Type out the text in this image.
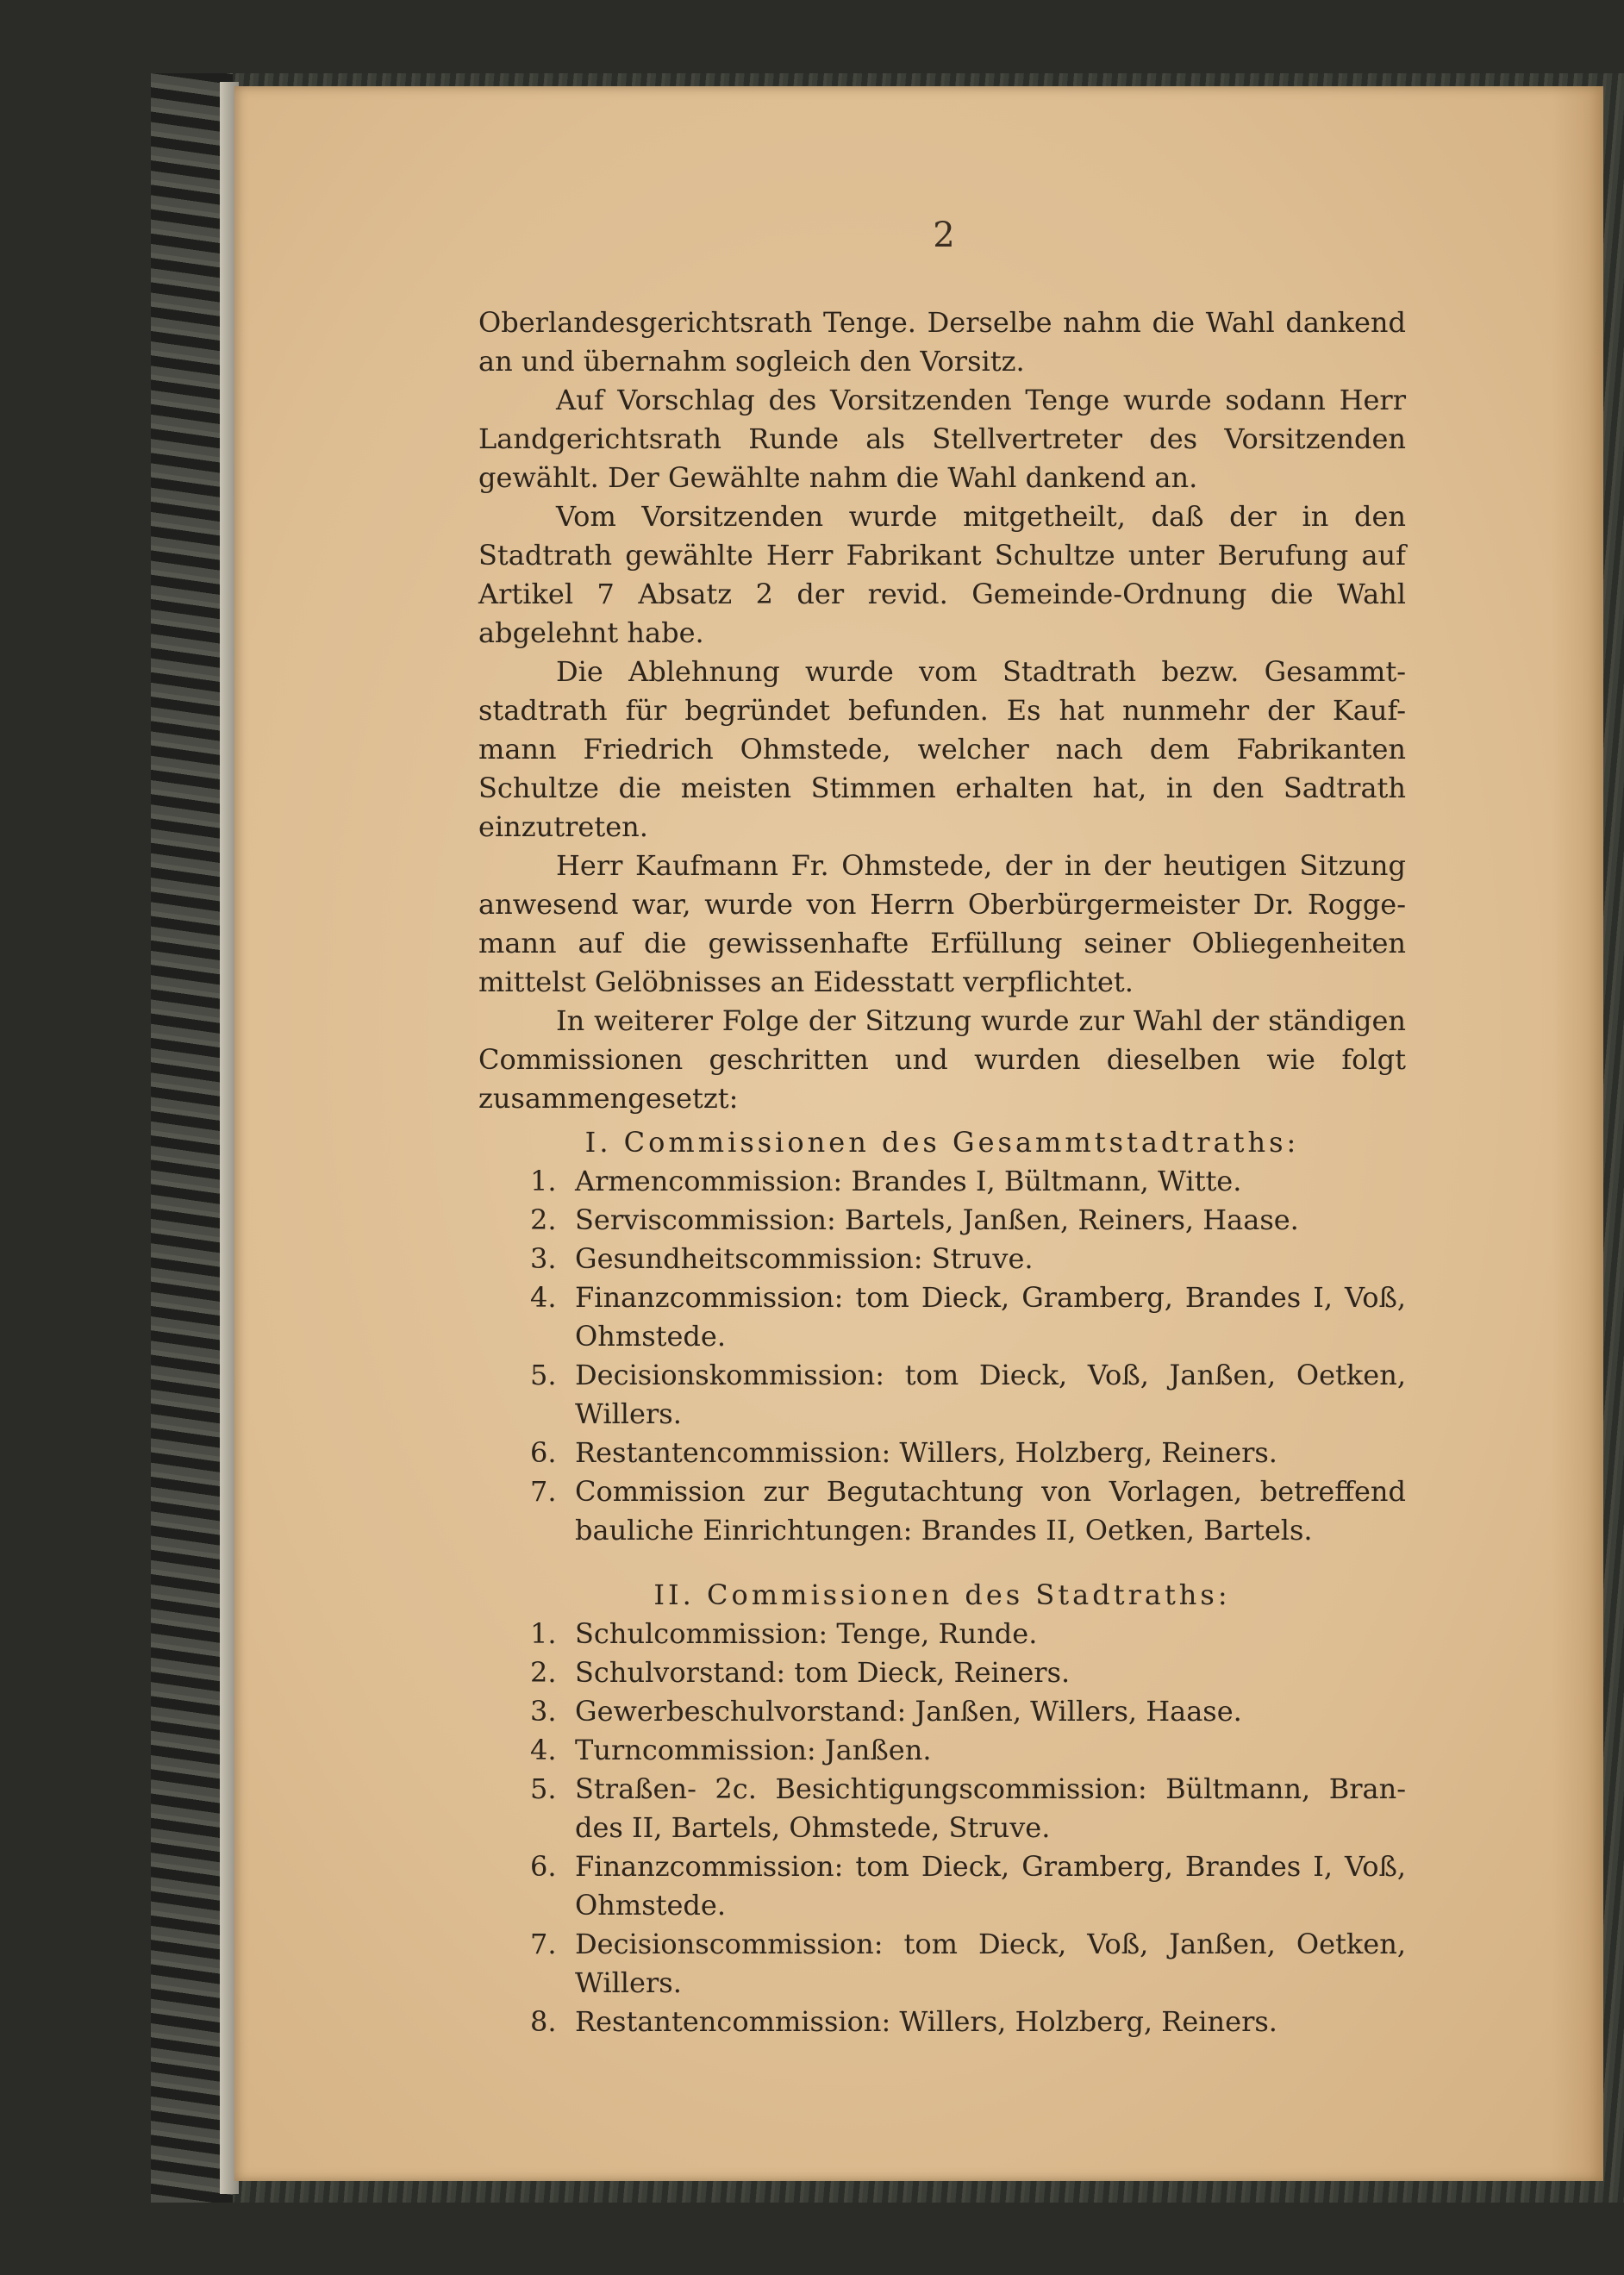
2

Oberlandesgerichtsrath Tenge. Derselbe nahm die Wahl dankend an und übernahm sogleich den Vorsitz.

Auf Vorschlag des Vorsitzenden Tenge wurde sodann Herr Landgerichtsrath Runde als Stellvertreter des Vorsitzenden gewählt. Der Gewählte nahm die Wahl dankend an.

Vom Vorsitzenden wurde mitgetheilt, daß der in den Stadtrath gewählte Herr Fabrikant Schultze unter Berufung auf Artikel 7 Absatz 2 der revid. Gemeinde-Ordnung die Wahl abgelehnt habe.

Die Ablehnung wurde vom Stadtrath bezw. Gesammt-stadtrath für begründet befunden. Es hat nunmehr der Kauf-mann Friedrich Ohmstede, welcher nach dem Fabrikanten Schultze die meisten Stimmen erhalten hat, in den Sadtrath einzutreten.

Herr Kaufmann Fr. Ohmstede, der in der heutigen Sitzung anwesend war, wurde von Herrn Oberbürgermeister Dr. Rogge-mann auf die gewissenhafte Erfüllung seiner Obliegenheiten mittelst Gelöbnisses an Eidesstatt verpflichtet.

In weiterer Folge der Sitzung wurde zur Wahl der ständigen Commissionen geschritten und wurden dieselben wie folgt zusammengesetzt:

I. Commissionen des Gesammtstadtraths:

1. Armencommission: Brandes I, Bültmann, Witte.
2. Serviscommission: Bartels, Janßen, Reiners, Haase.
3. Gesundheitscommission: Struve.
4. Finanzcommission: tom Dieck, Gramberg, Brandes I, Voß, Ohmstede.
5. Decisionskommission: tom Dieck, Voß, Janßen, Oetken, Willers.
6. Restantencommission: Willers, Holzberg, Reiners.
7. Commission zur Begutachtung von Vorlagen, betreffend bauliche Einrichtungen: Brandes II, Oetken, Bartels.

II. Commissionen des Stadtraths:

1. Schulcommission: Tenge, Runde.
2. Schulvorstand: tom Dieck, Reiners.
3. Gewerbeschulvorstand: Janßen, Willers, Haase.
4. Turncommission: Janßen.
5. Straßen- 2c. Besichtigungscommission: Bültmann, Bran-des II, Bartels, Ohmstede, Struve.
6. Finanzcommission: tom Dieck, Gramberg, Brandes I, Voß, Ohmstede.
7. Decisionscommission: tom Dieck, Voß, Janßen, Oetken, Willers.
8. Restantencommission: Willers, Holzberg, Reiners.
